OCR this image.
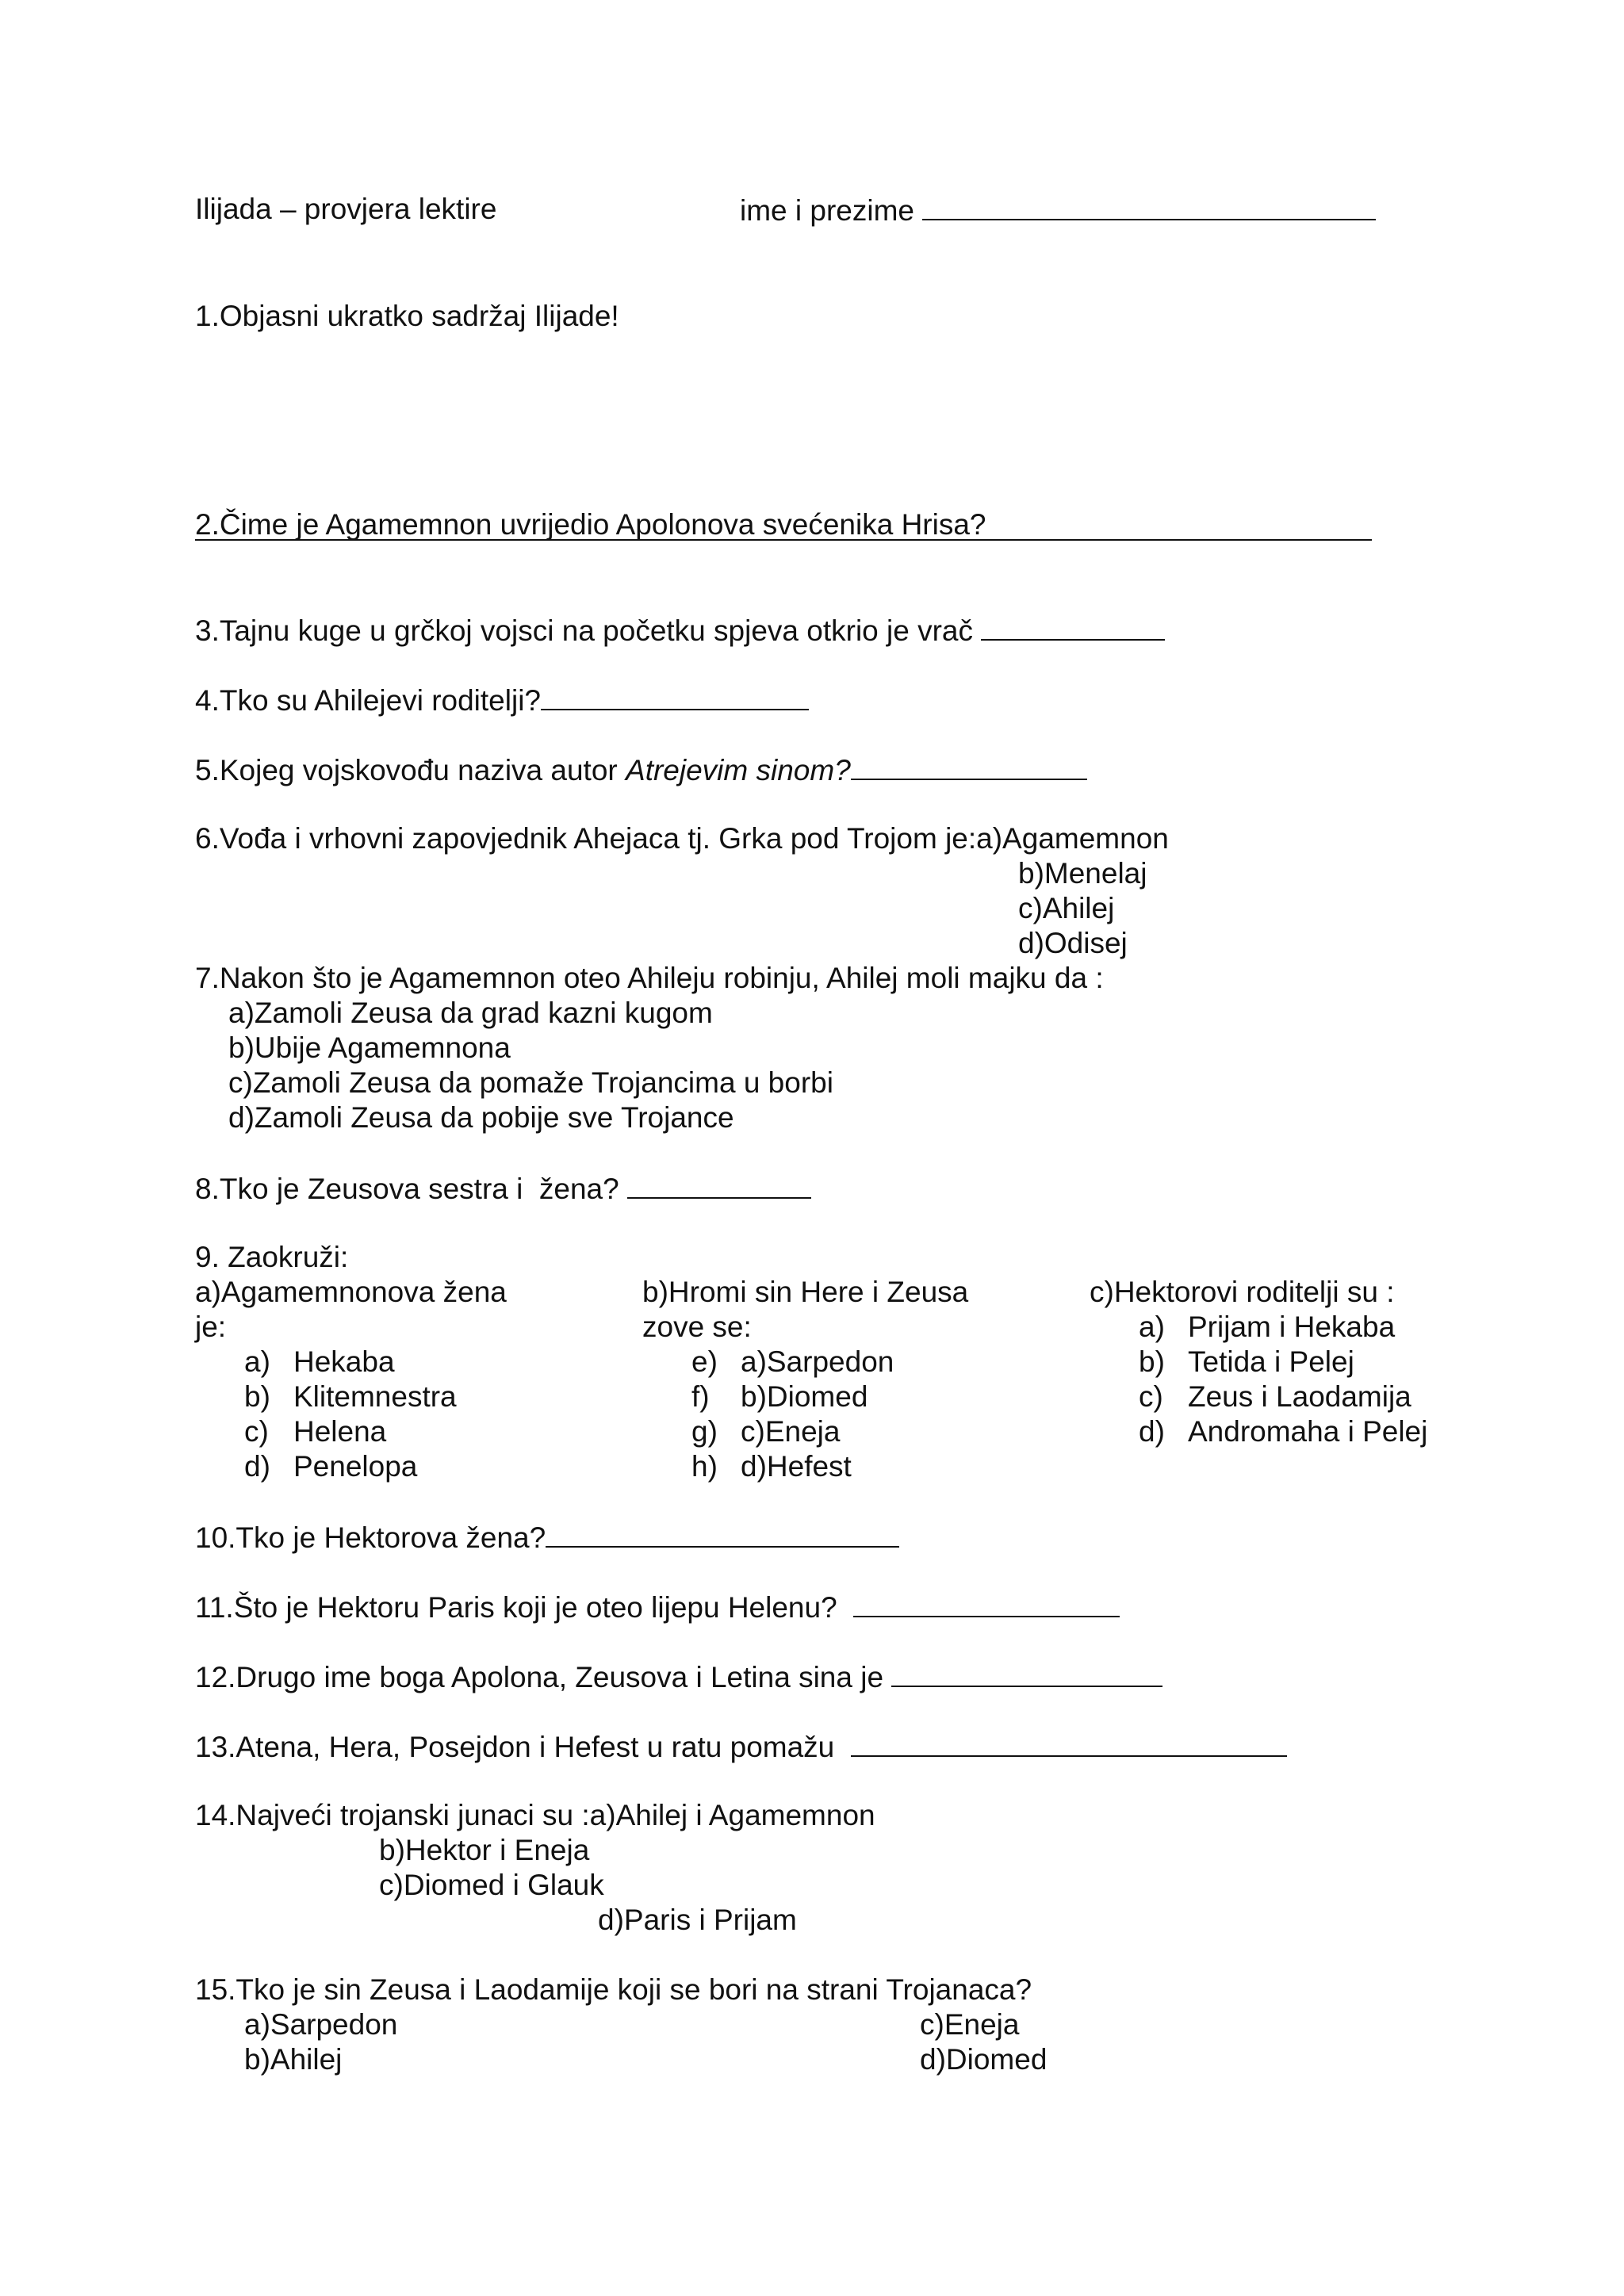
Ilijada – provjera lektire	ime i prezime
1.Objasni ukratko sadržaj Ilijade!
2.Čime je Agamemnon uvrijedio Apolonova svećenika Hrisa?
3.Tajnu kuge u grčkoj vojsci na početku spjeva otkrio je vrač
4.Tko su Ahilejevi roditelji?
5.Kojeg vojskovođu naziva autor Atrejevim sinom?
6.Vođa i vrhovni zapovjednik Ahejaca tj. Grka pod Trojom je:a)Agamemnon
b)Menelaj
c)Ahilej
d)Odisej
7.Nakon što je Agamemnon oteo Ahileju robinju, Ahilej moli majku da :
a)Zamoli Zeusa da grad kazni kugom
b)Ubije Agamemnona
c)Zamoli Zeusa da pomaže Trojancima u borbi
d)Zamoli Zeusa da pobije sve Trojance
8.Tko je Zeusova sestra i  žena?
9. Zaokruži:
a)Agamemnonova žena
je:
a) Hekaba
b) Klitemnestra
c) Helena
d) Penelopa
b)Hromi sin Here i Zeusa
zove se:
e) a)Sarpedon
f) b)Diomed
g) c)Eneja
h) d)Hefest
c)Hektorovi roditelji su :
a) Prijam i Hekaba
b) Tetida i Pelej
c) Zeus i Laodamija
d) Andromaha i Pelej
10.Tko je Hektorova žena?
11.Što je Hektoru Paris koji je oteo lijepu Helenu?
12.Drugo ime boga Apolona, Zeusova i Letina sina je
13.Atena, Hera, Posejdon i Hefest u ratu pomažu
14.Najveći trojanski junaci su :a)Ahilej i Agamemnon
b)Hektor i Eneja
c)Diomed i Glauk
d)Paris i Prijam
15.Tko je sin Zeusa i Laodamije koji se bori na strani Trojanaca?
a)Sarpedon
b)Ahilej
c)Eneja
d)Diomed
